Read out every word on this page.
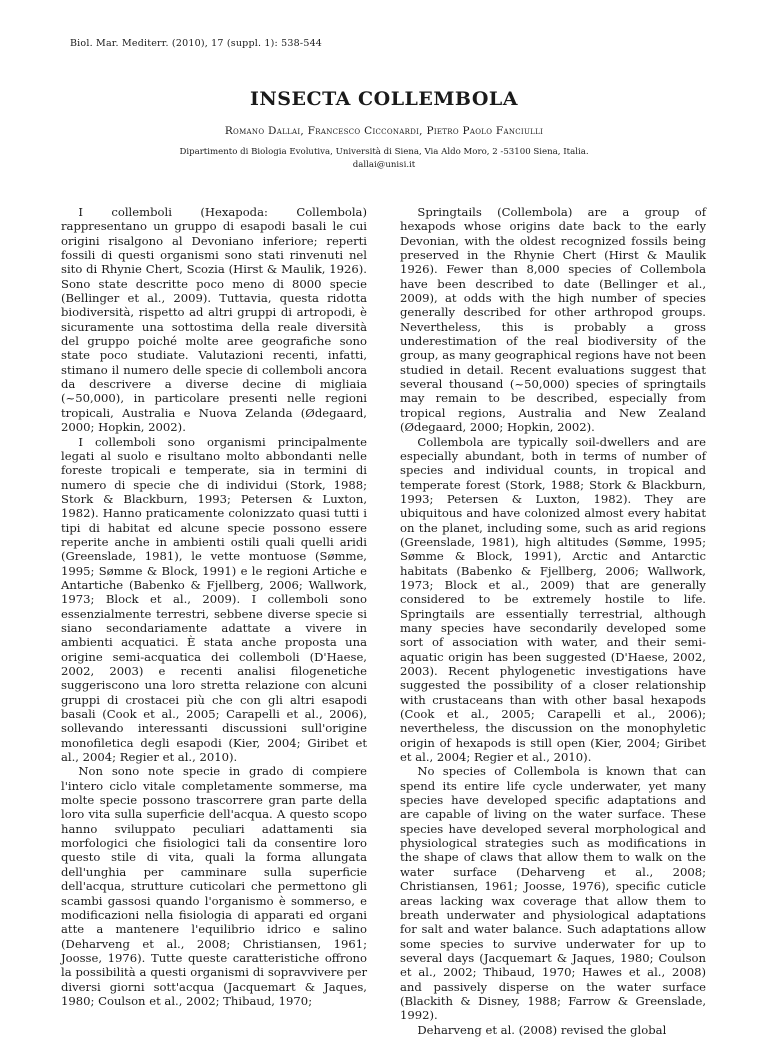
Biol. Mar. Mediterr. (2010), 17 (suppl. 1): 538-544
INSECTA COLLEMBOLA
Romano Dallai, Francesco Cicconardi, Pietro Paolo Fanciulli
Dipartimento di Biologia Evolutiva, Università di Siena, Via Aldo Moro, 2 -53100 Siena, Italia.
dallai@unisi.it

I collemboli (Hexapoda: Collembola) rappresentano un gruppo di esapodi basali le cui origini risalgono al Devoniano inferiore; reperti fossili di questi organismi sono stati rinvenuti nel sito di Rhynie Chert, Scozia (Hirst & Maulik, 1926). Sono state descritte poco meno di 8000 specie (Bellinger et al., 2009). Tuttavia, questa ridotta biodiversità, rispetto ad altri gruppi di artropodi, è sicuramente una sottostima della reale diversità del gruppo poiché molte aree geografiche sono state poco studiate. Valutazioni recenti, infatti, stimano il numero delle specie di collemboli ancora da descrivere a diverse decine di migliaia (~50,000), in particolare presenti nelle regioni tropicali, Australia e Nuova Zelanda (Ødegaard, 2000; Hopkin, 2002).

I collemboli sono organismi principalmente legati al suolo e risultano molto abbondanti nelle foreste tropicali e temperate, sia in termini di numero di specie che di individui (Stork, 1988; Stork & Blackburn, 1993; Petersen & Luxton, 1982). Hanno praticamente colonizzato quasi tutti i tipi di habitat ed alcune specie possono essere reperite anche in ambienti ostili quali quelli aridi (Greenslade, 1981), le vette montuose (Sømme, 1995; Sømme & Block, 1991) e le regioni Artiche e Antartiche (Babenko & Fjellberg, 2006; Wallwork, 1973; Block et al., 2009). I collemboli sono essenzialmente terrestri, sebbene diverse specie si siano secondariamente adattate a vivere in ambienti acquatici. È stata anche proposta una origine semi-acquatica dei collemboli (D'Haese, 2002, 2003) e recenti analisi filogenetiche suggeriscono una loro stretta relazione con alcuni gruppi di crostacei più che con gli altri esapodi basali (Cook et al., 2005; Carapelli et al., 2006), sollevando interessanti discussioni sull'origine monofiletica degli esapodi (Kier, 2004; Giribet et al., 2004; Regier et al., 2010).

Non sono note specie in grado di compiere l'intero ciclo vitale completamente sommerse, ma molte specie possono trascorrere gran parte della loro vita sulla superficie dell'acqua. A questo scopo hanno sviluppato peculiari adattamenti sia morfologici che fisiologici tali da consentire loro questo stile di vita, quali la forma allungata dell'unghia per camminare sulla superficie dell'acqua, strutture cuticolari che permettono gli scambi gassosi quando l'organismo è sommerso, e modificazioni nella fisiologia di apparati ed organi atte a mantenere l'equilibrio idrico e salino (Deharveng et al., 2008; Christiansen, 1961; Joosse, 1976). Tutte queste caratteristiche offrono la possibilità a questi organismi di sopravvivere per diversi giorni sott'acqua (Jacquemart & Jaques, 1980; Coulson et al., 2002; Thibaud, 1970;

Springtails (Collembola) are a group of hexapods whose origins date back to the early Devonian, with the oldest recognized fossils being preserved in the Rhynie Chert (Hirst & Maulik 1926). Fewer than 8,000 species of Collembola have been described to date (Bellinger et al., 2009), at odds with the high number of species generally described for other arthropod groups. Nevertheless, this is probably a gross underestimation of the real biodiversity of the group, as many geographical regions have not been studied in detail. Recent evaluations suggest that several thousand (~50,000) species of springtails may remain to be described, especially from tropical regions, Australia and New Zealand (Ødegaard, 2000; Hopkin, 2002).

Collembola are typically soil-dwellers and are especially abundant, both in terms of number of species and individual counts, in tropical and temperate forest (Stork, 1988; Stork & Blackburn, 1993; Petersen & Luxton, 1982). They are ubiquitous and have colonized almost every habitat on the planet, including some, such as arid regions (Greenslade, 1981), high altitudes (Sømme, 1995; Sømme & Block, 1991), Arctic and Antarctic habitats (Babenko & Fjellberg, 2006; Wallwork, 1973; Block et al., 2009) that are generally considered to be extremely hostile to life. Springtails are essentially terrestrial, although many species have secondarily developed some sort of association with water, and their semi-aquatic origin has been suggested (D'Haese, 2002, 2003). Recent phylogenetic investigations have suggested the possibility of a closer relationship with crustaceans than with other basal hexapods (Cook et al., 2005; Carapelli et al., 2006); nevertheless, the discussion on the monophyletic origin of hexapods is still open (Kier, 2004; Giribet et al., 2004; Regier et al., 2010).

No species of Collembola is known that can spend its entire life cycle underwater, yet many species have developed specific adaptations and are capable of living on the water surface. These species have developed several morphological and physiological strategies such as modifications in the shape of claws that allow them to walk on the water surface (Deharveng et al., 2008; Christiansen, 1961; Joosse, 1976), specific cuticle areas lacking wax coverage that allow them to breath underwater and physiological adaptations for salt and water balance. Such adaptations allow some species to survive underwater for up to several days (Jacquemart & Jaques, 1980; Coulson et al., 2002; Thibaud, 1970; Hawes et al., 2008) and passively disperse on the water surface (Blackith & Disney, 1988; Farrow & Greenslade, 1992).

Deharveng et al. (2008) revised the global
